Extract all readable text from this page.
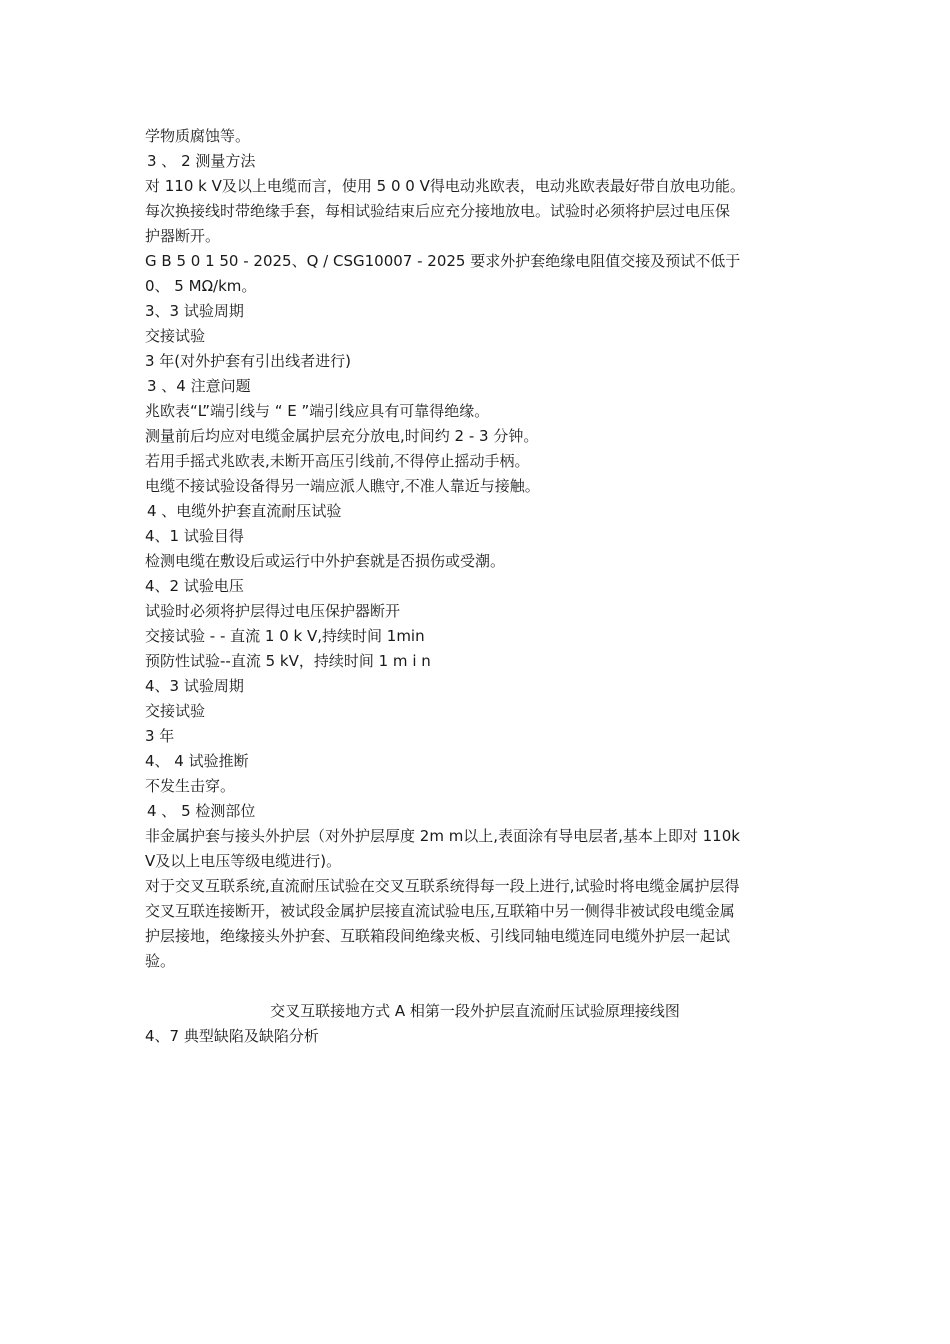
学物质腐蚀等。
3 、 2 测量方法
对 110 k V及以上电缆而言，使用 5 0 0 V得电动兆欧表，电动兆欧表最好带自放电功能。
每次换接线时带绝缘手套，每相试验结束后应充分接地放电。试验时必须将护层过电压保
护器断开。
G B 5 0 1 50 - 2025、Q / CSG10007 - 2025 要求外护套绝缘电阻值交接及预试不低于
0、 5 MΩ/km。
3、3 试验周期
交接试验
3 年(对外护套有引出线者进行)
3 、4 注意问题
兆欧表“L”端引线与 “ E ”端引线应具有可靠得绝缘。
测量前后均应对电缆金属护层充分放电,时间约 2 - 3 分钟。
若用手摇式兆欧表,未断开高压引线前,不得停止摇动手柄。
电缆不接试验设备得另一端应派人瞧守,不准人靠近与接触。
4 、电缆外护套直流耐压试验
4、1 试验目得
检测电缆在敷设后或运行中外护套就是否损伤或受潮。
4、2 试验电压
试验时必须将护层得过电压保护器断开
交接试验 - - 直流 1 0 k V,持续时间 1min
预防性试验--直流 5 kV，持续时间 1 m i n
4、3 试验周期
交接试验
3 年
4、 4 试验推断
不发生击穿。
4 、 5 检测部位
非金属护套与接头外护层（对外护层厚度 2m m以上,表面涂有导电层者,基本上即对 110k
V及以上电压等级电缆进行)。
对于交叉互联系统,直流耐压试验在交叉互联系统得每一段上进行,试验时将电缆金属护层得
交叉互联连接断开，被试段金属护层接直流试验电压,互联箱中另一侧得非被试段电缆金属
护层接地，绝缘接头外护套、互联箱段间绝缘夹板、引线同轴电缆连同电缆外护层一起试
验。
交叉互联接地方式 A 相第一段外护层直流耐压试验原理接线图
4、7 典型缺陷及缺陷分析
